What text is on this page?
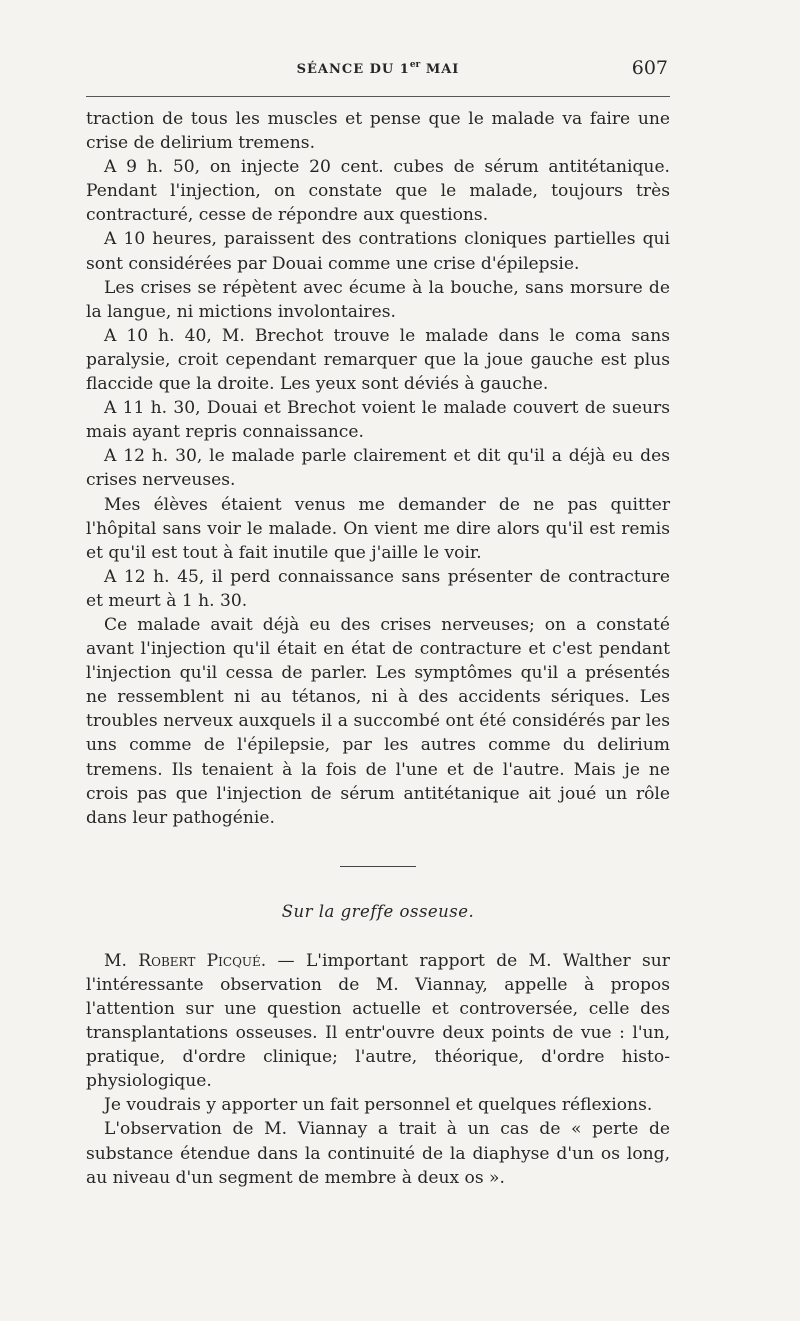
SÉANCE DU 1er MAI	607

traction de tous les muscles et pense que le malade va faire une crise de delirium tremens.

A 9 h. 50, on injecte 20 cent. cubes de sérum antitétanique. Pendant l'injection, on constate que le malade, toujours très contracturé, cesse de répondre aux questions.

A 10 heures, paraissent des contrations cloniques partielles qui sont considérées par Douai comme une crise d'épilepsie.

Les crises se répètent avec écume à la bouche, sans morsure de la langue, ni mictions involontaires.

A 10 h. 40, M. Brechot trouve le malade dans le coma sans paralysie, croit cependant remarquer que la joue gauche est plus flaccide que la droite. Les yeux sont déviés à gauche.

A 11 h. 30, Douai et Brechot voient le malade couvert de sueurs mais ayant repris connaissance.

A 12 h. 30, le malade parle clairement et dit qu'il a déjà eu des crises nerveuses.

Mes élèves étaient venus me demander de ne pas quitter l'hôpital sans voir le malade. On vient me dire alors qu'il est remis et qu'il est tout à fait inutile que j'aille le voir.

A 12 h. 45, il perd connaissance sans présenter de contracture et meurt à 1 h. 30.

Ce malade avait déjà eu des crises nerveuses; on a constaté avant l'injection qu'il était en état de contracture et c'est pendant l'injection qu'il cessa de parler. Les symptômes qu'il a présentés ne ressemblent ni au tétanos, ni à des accidents sériques. Les troubles nerveux auxquels il a succombé ont été considérés par les uns comme de l'épilepsie, par les autres comme du delirium tremens. Ils tenaient à la fois de l'une et de l'autre. Mais je ne crois pas que l'injection de sérum antitétanique ait joué un rôle dans leur pathogénie.

Sur la greffe osseuse.

M. Robert Picqué. — L'important rapport de M. Walther sur l'intéressante observation de M. Viannay, appelle à propos l'attention sur une question actuelle et controversée, celle des transplantations osseuses. Il entr'ouvre deux points de vue : l'un, pratique, d'ordre clinique; l'autre, théorique, d'ordre histo-physiologique.

Je voudrais y apporter un fait personnel et quelques réflexions.

L'observation de M. Viannay a trait à un cas de « perte de substance étendue dans la continuité de la diaphyse d'un os long, au niveau d'un segment de membre à deux os ».
